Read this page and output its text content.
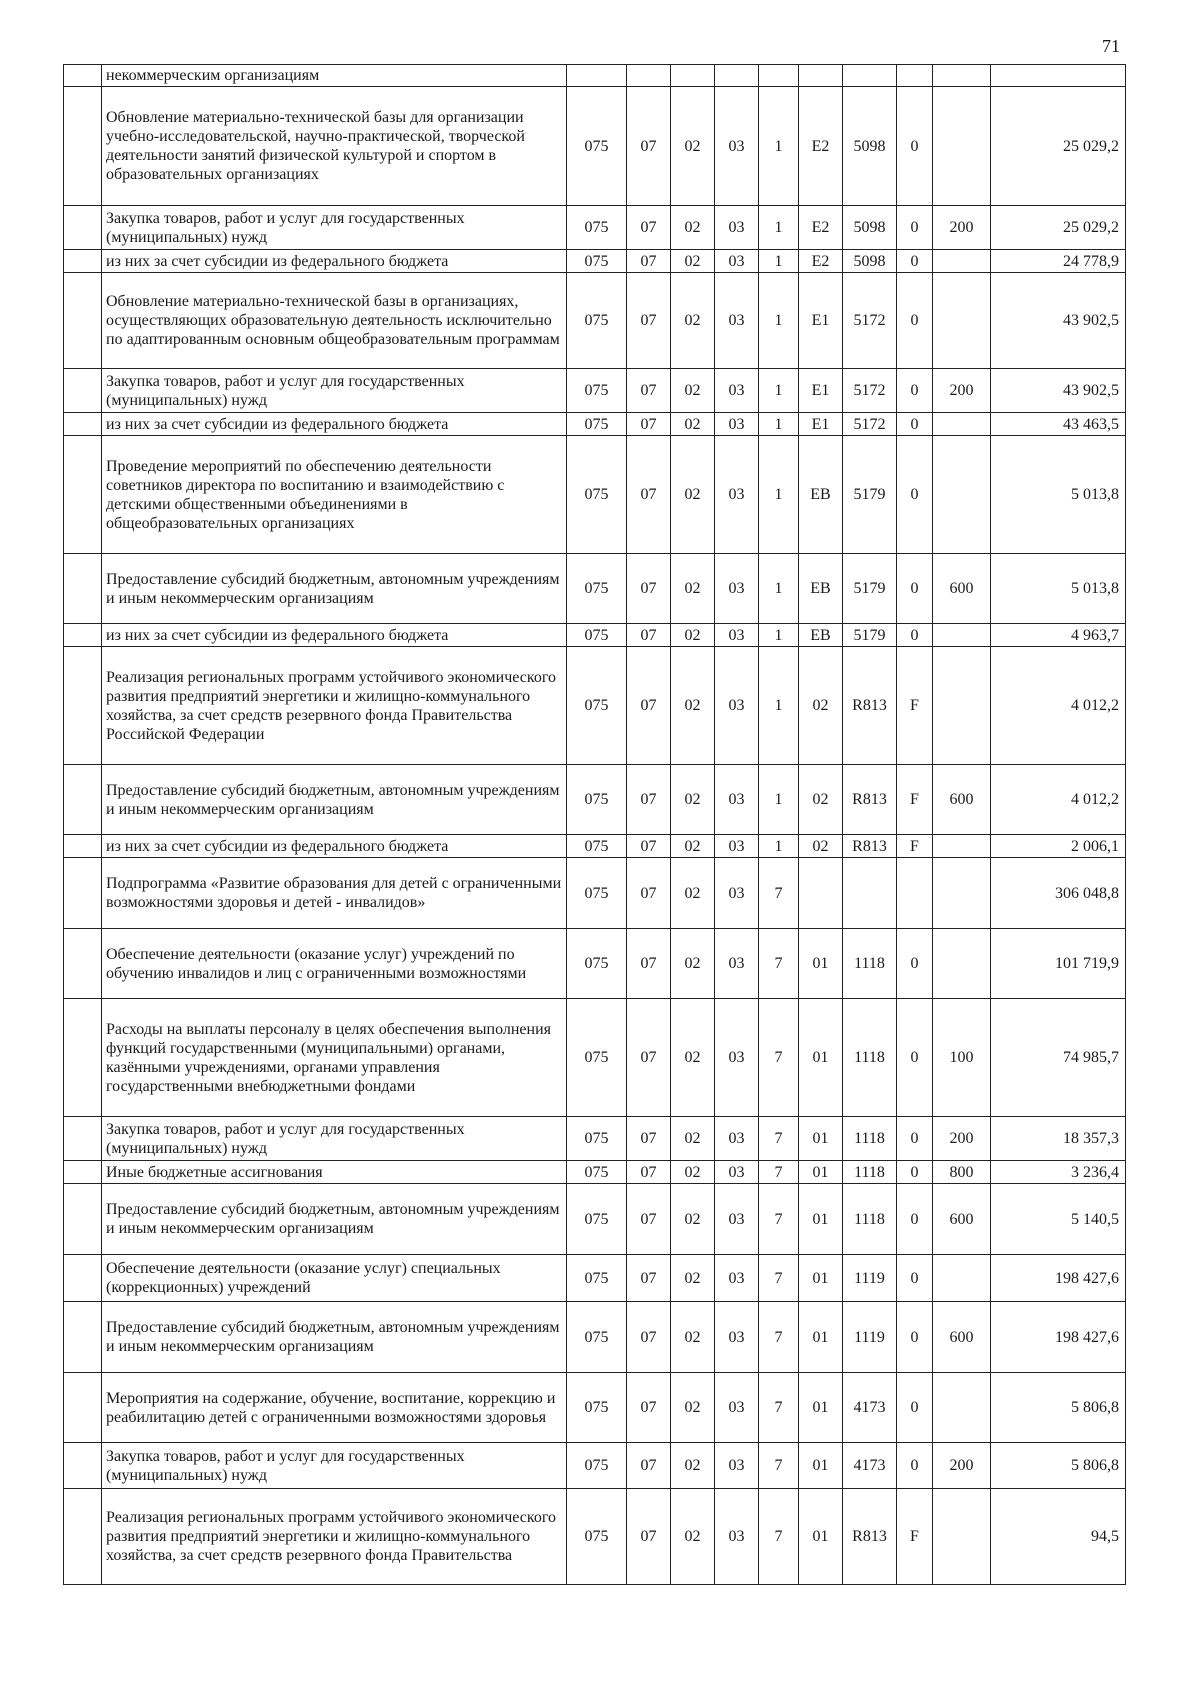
71
	некоммерческим организациям										
	Обновление материально-технической базы для организации учебно-исследовательской, научно-практической, творческой деятельности занятий физической культурой и спортом в образовательных организациях	075	07	02	03	1	E2	5098	0		25 029,2
	Закупка товаров, работ и услуг для государственных (муниципальных) нужд	075	07	02	03	1	E2	5098	0	200	25 029,2
	из них за счет субсидии из федерального бюджета	075	07	02	03	1	E2	5098	0		24 778,9
	Обновление материально-технической базы в организациях, осуществляющих образовательную деятельность исключительно по адаптированным основным общеобразовательным программам	075	07	02	03	1	E1	5172	0		43 902,5
	Закупка товаров, работ и услуг для государственных (муниципальных) нужд	075	07	02	03	1	E1	5172	0	200	43 902,5
	из них за счет субсидии из федерального бюджета	075	07	02	03	1	E1	5172	0		43 463,5
	Проведение мероприятий по обеспечению деятельности советников директора по воспитанию и взаимодействию с детскими общественными объединениями в общеобразовательных организациях	075	07	02	03	1	EB	5179	0		5 013,8
	Предоставление субсидий бюджетным, автономным учреждениям и иным некоммерческим организациям	075	07	02	03	1	EB	5179	0	600	5 013,8
	из них за счет субсидии из федерального бюджета	075	07	02	03	1	EB	5179	0		4 963,7
	Реализация региональных программ устойчивого экономического развития предприятий энергетики и жилищно-коммунального хозяйства, за счет средств резервного фонда Правительства Российской Федерации	075	07	02	03	1	02	R813	F		4 012,2
	Предоставление субсидий бюджетным, автономным учреждениям и иным некоммерческим организациям	075	07	02	03	1	02	R813	F	600	4 012,2
	из них за счет субсидии из федерального бюджета	075	07	02	03	1	02	R813	F		2 006,1
	Подпрограмма «Развитие образования для детей с ограниченными возможностями здоровья и детей - инвалидов»	075	07	02	03	7					306 048,8
	Обеспечение деятельности (оказание услуг) учреждений по обучению инвалидов и лиц с ограниченными возможностями	075	07	02	03	7	01	1118	0		101 719,9
	Расходы на выплаты персоналу в целях обеспечения выполнения функций государственными (муниципальными) органами, казёнными учреждениями, органами управления государственными внебюджетными фондами	075	07	02	03	7	01	1118	0	100	74 985,7
	Закупка товаров, работ и услуг для государственных (муниципальных) нужд	075	07	02	03	7	01	1118	0	200	18 357,3
	Иные бюджетные ассигнования	075	07	02	03	7	01	1118	0	800	3 236,4
	Предоставление субсидий бюджетным, автономным учреждениям и иным некоммерческим организациям	075	07	02	03	7	01	1118	0	600	5 140,5
	Обеспечение деятельности (оказание услуг) специальных (коррекционных) учреждений	075	07	02	03	7	01	1119	0		198 427,6
	Предоставление субсидий бюджетным, автономным учреждениям и иным некоммерческим организациям	075	07	02	03	7	01	1119	0	600	198 427,6
	Мероприятия на содержание, обучение, воспитание, коррекцию и реабилитацию детей с ограниченными возможностями здоровья	075	07	02	03	7	01	4173	0		5 806,8
	Закупка товаров, работ и услуг для государственных (муниципальных) нужд	075	07	02	03	7	01	4173	0	200	5 806,8
	Реализация региональных программ устойчивого экономического развития предприятий энергетики и жилищно-коммунального хозяйства, за счет средств резервного фонда Правительства	075	07	02	03	7	01	R813	F		94,5
